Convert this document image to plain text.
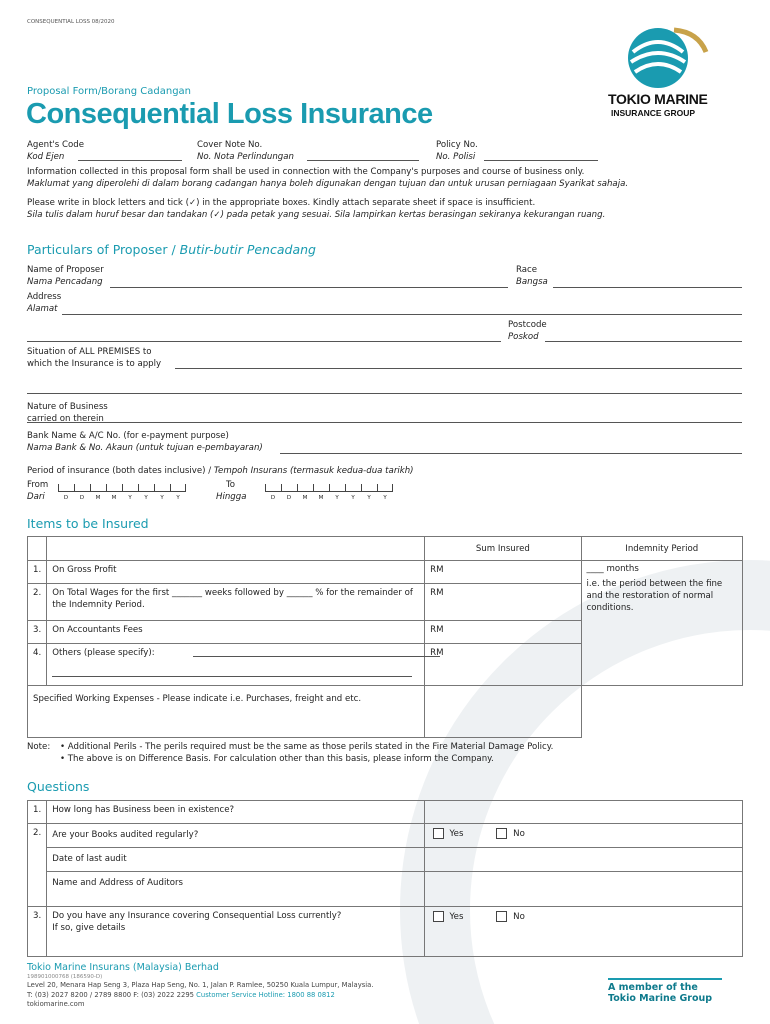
CONSEQUENTIAL LOSS 08/2020
TOKIO MARINE
INSURANCE GROUP
Proposal Form/Borang Cadangan
Consequential Loss Insurance
Agent's Code
Kod Ejen
Cover Note No.
No. Nota Perlindungan
Policy No.
No. Polisi
Information collected in this proposal form shall be used in connection with the Company's purposes and course of business only.
Maklumat yang diperolehi di dalam borang cadangan hanya boleh digunakan dengan tujuan dan untuk urusan perniagaan Syarikat sahaja.
Please write in block letters and tick (✓) in the appropriate boxes. Kindly attach separate sheet if space is insufficient.
Sila tulis dalam huruf besar dan tandakan (✓) pada petak yang sesuai. Sila lampirkan kertas berasingan sekiranya kekurangan ruang.
Particulars of Proposer / Butir-butir Pencadang
Name of Proposer
Nama Pencadang
Race
Bangsa
Address
Alamat
Postcode
Poskod
Situation of ALL PREMISES to
which the Insurance is to apply
Nature of Business
carried on therein
Bank Name & A/C No. (for e-payment purpose)
Nama Bank & No. Akaun (untuk tujuan e-pembayaran)
Period of insurance (both dates inclusive) / Tempoh Insurans (termasuk kedua-dua tarikh)
From
Dari	D D M M Y Y Y Y
To
Hingga	D D M M Y Y Y Y
Items to be Insured
		Sum Insured	Indemnity Period
1.	On Gross Profit	RM	____ months
i.e. the period between the fine and the restoration of normal conditions.

2.	On Total Wages for the first _______ weeks followed by ______ % for the remainder of the Indemnity Period.	RM	
3.	On Accountants Fees	RM	
4.	Others (please specify):	RM	
Specified Working Expenses - Please indicate i.e. Purchases, freight and etc.			
Note:	• Additional Perils - The perils required must be the same as those perils stated in the Fire Material Damage Policy.
• The above is on Difference Basis. For calculation other than this basis, please inform the Company.
Questions
1.	How long has Business been in existence?	
2.	Are your Books audited regularly?	Yes No
	Date of last audit	
	Name and Address of Auditors	
3.	Do you have any Insurance covering Consequential Loss currently?
If so, give details	Yes No
Tokio Marine Insurans (Malaysia) Berhad
198901000768 (186590-D)
Level 20, Menara Hap Seng 3, Plaza Hap Seng, No. 1, Jalan P. Ramlee, 50250 Kuala Lumpur, Malaysia.
T: (03) 2027 8200 / 2789 8800 F: (03) 2022 2295 Customer Service Hotline: 1800 88 0812
tokiomarine.com
A member of the
Tokio Marine Group
